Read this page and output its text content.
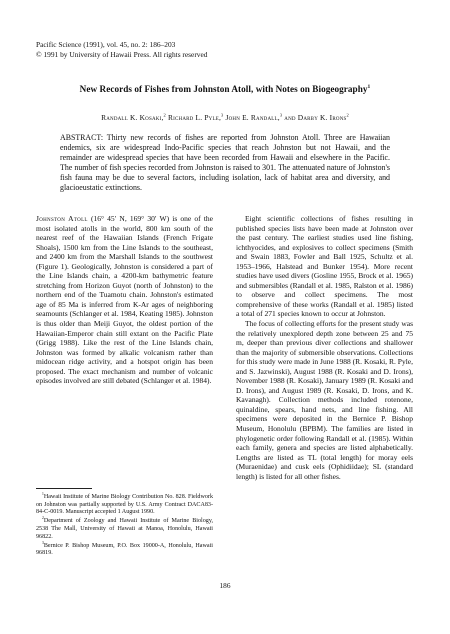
Pacific Science (1991), vol. 45, no. 2: 186–203
© 1991 by University of Hawaii Press. All rights reserved
New Records of Fishes from Johnston Atoll, with Notes on Biogeography$^1$
Randall K. Kosaki,$^2$ Richard L. Pyle,$^3$ John E. Randall,$^3$ and Darby K. Irons$^2$
ABSTRACT: Thirty new records of fishes are reported from Johnston Atoll. Three are Hawaiian endemics, six are widespread Indo-Pacific species that reach Johnston but not Hawaii, and the remainder are widespread species that have been recorded from Hawaii and elsewhere in the Pacific. The number of fish species recorded from Johnston is raised to 301. The attenuated nature of Johnston's fish fauna may be due to several factors, including isolation, lack of habitat area and diversity, and glacioeustatic extinctions.

Johnston Atoll (16° 45′ N, 169° 30′ W) is one of the most isolated atolls in the world, 800 km south of the nearest reef of the Hawaiian Islands (French Frigate Shoals), 1500 km from the Line Islands to the southeast, and 2400 km from the Marshall Islands to the southwest (Figure 1). Geologically, Johnston is considered a part of the Line Islands chain, a 4200-km bathymetric feature stretching from Horizon Guyot (north of Johnston) to the northern end of the Tuamotu chain. Johnston's estimated age of 85 Ma is inferred from K-Ar ages of neighboring seamounts (Schlanger et al. 1984, Keating 1985). Johnston is thus older than Meiji Guyot, the oldest portion of the Hawaiian-Emperor chain still extant on the Pacific Plate (Grigg 1988). Like the rest of the Line Islands chain, Johnston was formed by alkalic volcanism rather than midocean ridge activity, and a hotspot origin has been proposed. The exact mechanism and number of volcanic episodes involved are still debated (Schlanger et al. 1984).

Eight scientific collections of fishes resulting in published species lists have been made at Johnston over the past century. The earliest studies used line fishing, ichthyocides, and explosives to collect specimens (Smith and Swain 1883, Fowler and Ball 1925, Schultz et al. 1953–1966, Halstead and Bunker 1954). More recent studies have used divers (Gosline 1955, Brock et al. 1965) and submersibles (Randall et al. 1985, Ralston et al. 1986) to observe and collect specimens. The most comprehensive of these works (Randall et al. 1985) listed a total of 271 species known to occur at Johnston.

The focus of collecting efforts for the present study was the relatively unexplored depth zone between 25 and 75 m, deeper than previous diver collections and shallower than the majority of submersible observations. Collections for this study were made in June 1988 (R. Kosaki, R. Pyle, and S. Jazwinski), August 1988 (R. Kosaki and D. Irons), November 1988 (R. Kosaki), January 1989 (R. Kosaki and D. Irons), and August 1989 (R. Kosaki, D. Irons, and K. Kavanagh). Collection methods included rotenone, quinaldine, spears, hand nets, and line fishing. All specimens were deposited in the Bernice P. Bishop Museum, Honolulu (BPBM). The families are listed in phylogenetic order following Randall et al. (1985). Within each family, genera and species are listed alphabetically. Lengths are listed as TL (total length) for moray eels (Muraenidae) and cusk eels (Ophidiidae); SL (standard length) is listed for all other fishes.

$^1$Hawaii Institute of Marine Biology Contribution No. 828. Fieldwork on Johnston was partially supported by U.S. Army Contract DACA83-84-C-0019. Manuscript accepted 1 August 1990.

$^2$Department of Zoology and Hawaii Institute of Marine Biology, 2538 The Mall, University of Hawaii at Manoa, Honolulu, Hawaii 96822.

$^3$Bernice P. Bishop Museum, P.O. Box 19000-A, Honolulu, Hawaii 96819.

186
